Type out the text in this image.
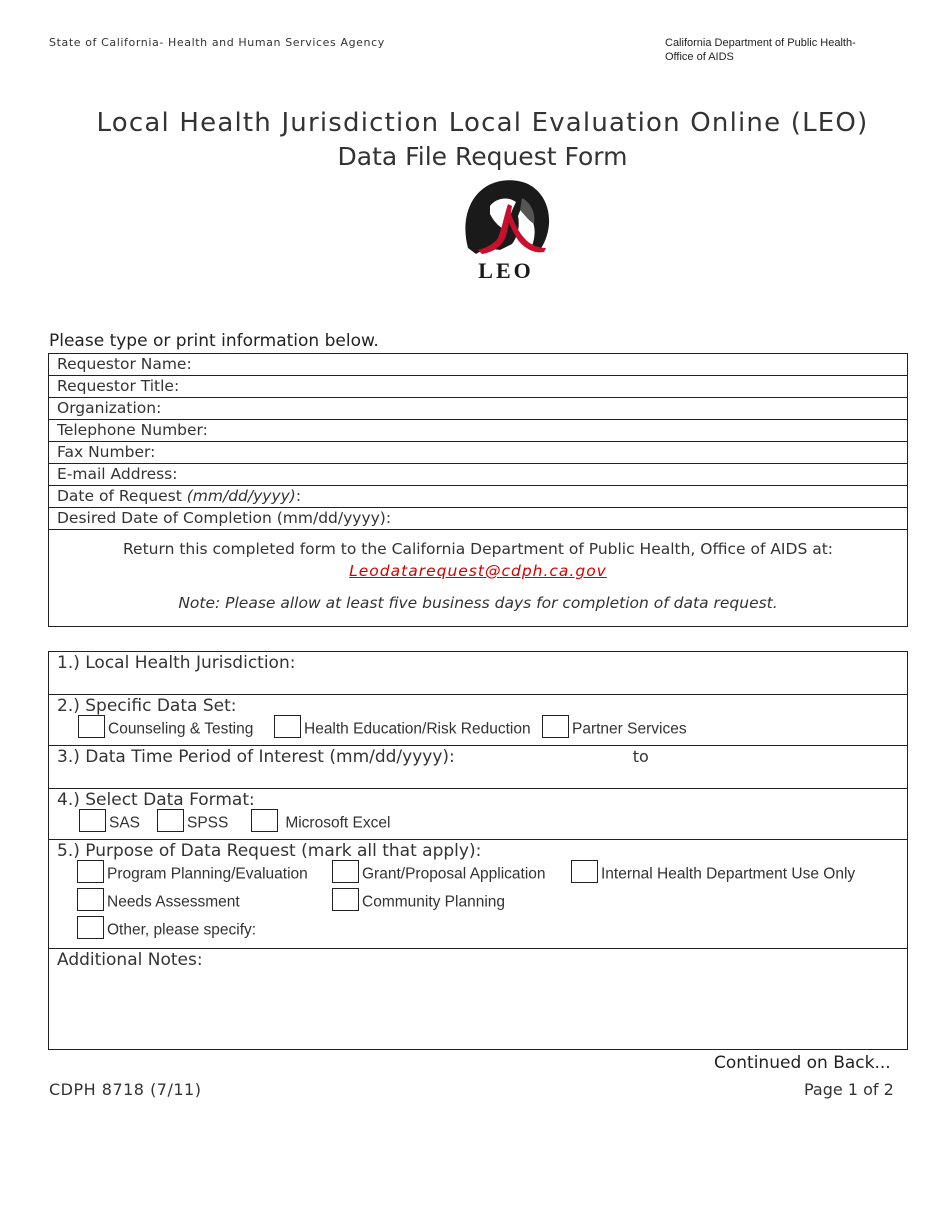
State of California- Health and Human Services Agency	California Department of Public Health-
Office of AIDS
Local Health Jurisdiction Local Evaluation Online (LEO)
Data File Request Form
LEO
Please type or print information below.
Requestor Name:
Requestor Title:
Organization:
Telephone Number:
Fax Number:
E-mail Address:
Date of Request (mm/dd/yyyy):
Desired Date of Completion (mm/dd/yyyy):

Return this completed form to the California Department of Public Health, Office of AIDS at:
Leodatarequest@cdph.ca.gov
Note: Please allow at least five business days for completion of data request.
1.) Local Health Jurisdiction:

2.) Specific Data Set:
Counseling & Testing	Health Education/Risk Reduction	Partner Services

3.) Data Time Period of Interest (mm/dd/yyyy):	to

4.) Select Data Format:
SAS	SPSS	Microsoft Excel

5.) Purpose of Data Request (mark all that apply):
Program Planning/Evaluation	Grant/Proposal Application	Internal Health Department Use Only
Needs Assessment	Community Planning
Other, please specify:

Additional Notes:
Continued on Back...
CDPH 8718 (7/11)	Page 1 of 2
